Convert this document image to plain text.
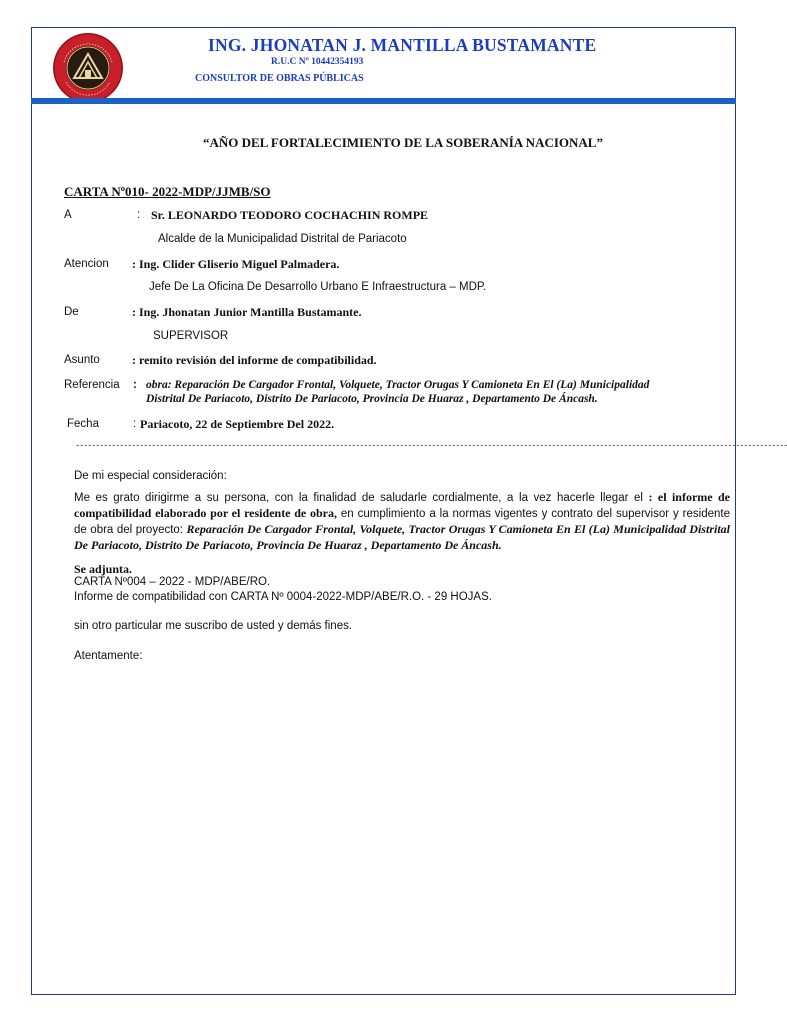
ING. JHONATAN J. MANTILLA BUSTAMANTE
R.U.C Nº 10442354193
CONSULTOR DE OBRAS PÚBLICAS
“AÑO DEL FORTALECIMIENTO DE LA SOBERANÍA NACIONAL”
CARTA Nº010- 2022-MDP/JJMB/SO
A	: Sr. LEONARDO TEODORO COCHACHIN ROMPE
Alcalde de la Municipalidad Distrital de Pariacoto
Atencion : Ing. Clider Gliserio Miguel Palmadera.
Jefe De La Oficina De Desarrollo Urbano E Infraestructura – MDP.
De	: Ing. Jhonatan Junior Mantilla Bustamante.
SUPERVISOR
Asunto	: remito revisión del informe de compatibilidad.
Referencia : obra: Reparación De Cargador Frontal, Volquete, Tractor Orugas Y Camioneta En El (La) Municipalidad
Distrital De Pariacoto, Distrito De Pariacoto, Provincia De Huaraz , Departamento De Áncash.
Fecha	: Pariacoto, 22 de Septiembre Del 2022.
----------------------------------------------------------------------------------------------------------------------------------------------------------------------------------
De mi especial consideración:

Me es grato dirigirme a su persona, con la finalidad de saludarle cordialmente, a la vez hacerle llegar el : el informe de compatibilidad elaborado por el residente de obra, en cumplimiento a la normas vigentes y contrato del supervisor y residente de obra del proyecto: Reparación De Cargador Frontal, Volquete, Tractor Orugas Y Camioneta En El (La) Municipalidad Distrital De Pariacoto, Distrito De Pariacoto, Provincia De Huaraz , Departamento De Áncash.

Se adjunta.
CARTA Nº004 – 2022 - MDP/ABE/RO.
Informe de compatibilidad con CARTA Nº 0004-2022-MDP/ABE/R.O. - 29 HOJAS.
sin otro particular me suscribo de usted y demás fines.
Atentamente:
